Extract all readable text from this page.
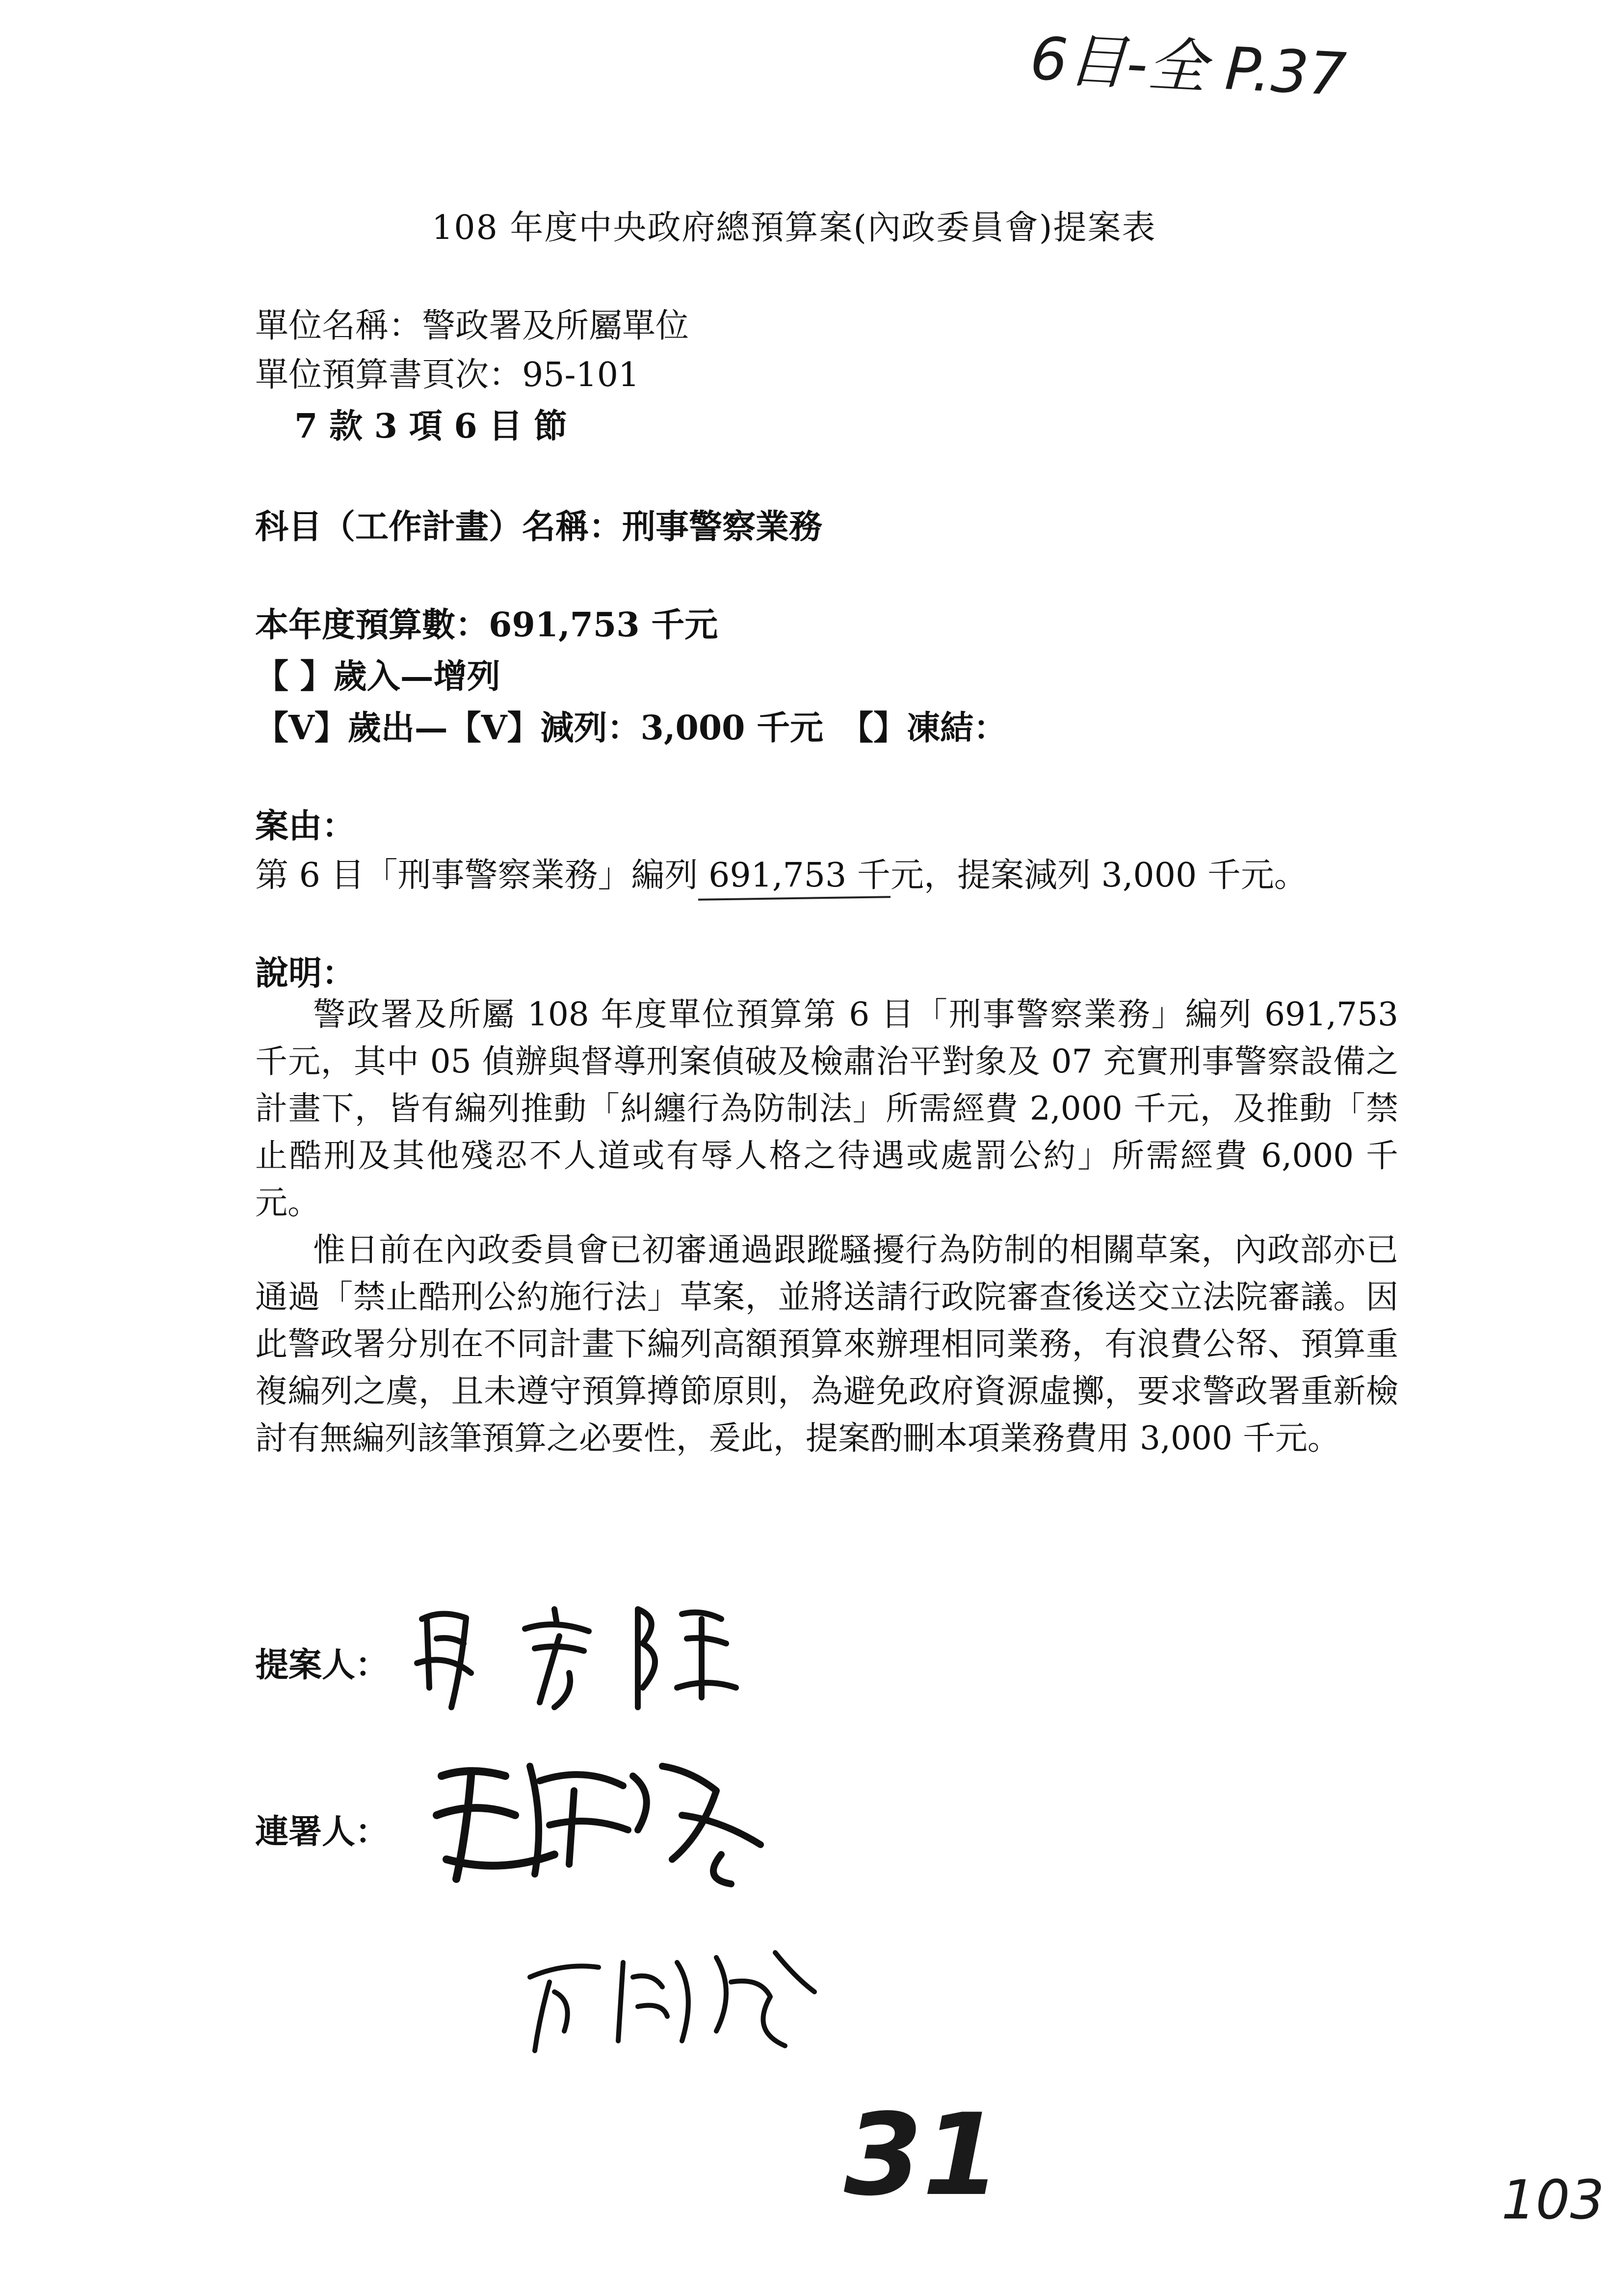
6目-全 P.37
108 年度中央政府總預算案(內政委員會)提案表
單位名稱：警政署及所屬單位
單位預算書頁次：95-101
7 款 3 項 6 目 節
科目（工作計畫）名稱：刑事警察業務
本年度預算數：691,753 千元
【 】歲入—增列
【V】歲出—【V】減列：3,000 千元　【】凍結：
案由：
第 6 目「刑事警察業務」編列 691,753 千元，提案減列 3,000 千元。
說明：

警政署及所屬 108 年度單位預算第 6 目「刑事警察業務」編列 691,753 千元，其中 05 偵辦與督導刑案偵破及檢肅治平對象及 07 充實刑事警察設備之計畫下，皆有編列推動「糾纏行為防制法」所需經費 2,000 千元，及推動「禁止酷刑及其他殘忍不人道或有辱人格之待遇或處罰公約」所需經費 6,000 千元。

惟日前在內政委員會已初審通過跟蹤騷擾行為防制的相關草案，內政部亦已通過「禁止酷刑公約施行法」草案，並將送請行政院審查後送交立法院審議。因此警政署分別在不同計畫下編列高額預算來辦理相同業務，有浪費公帑、預算重複編列之虞，且未遵守預算撙節原則，為避免政府資源虛擲，要求警政署重新檢討有無編列該筆預算之必要性，爰此，提案酌刪本項業務費用 3,000 千元。

提案人：
連署人：
31	103
